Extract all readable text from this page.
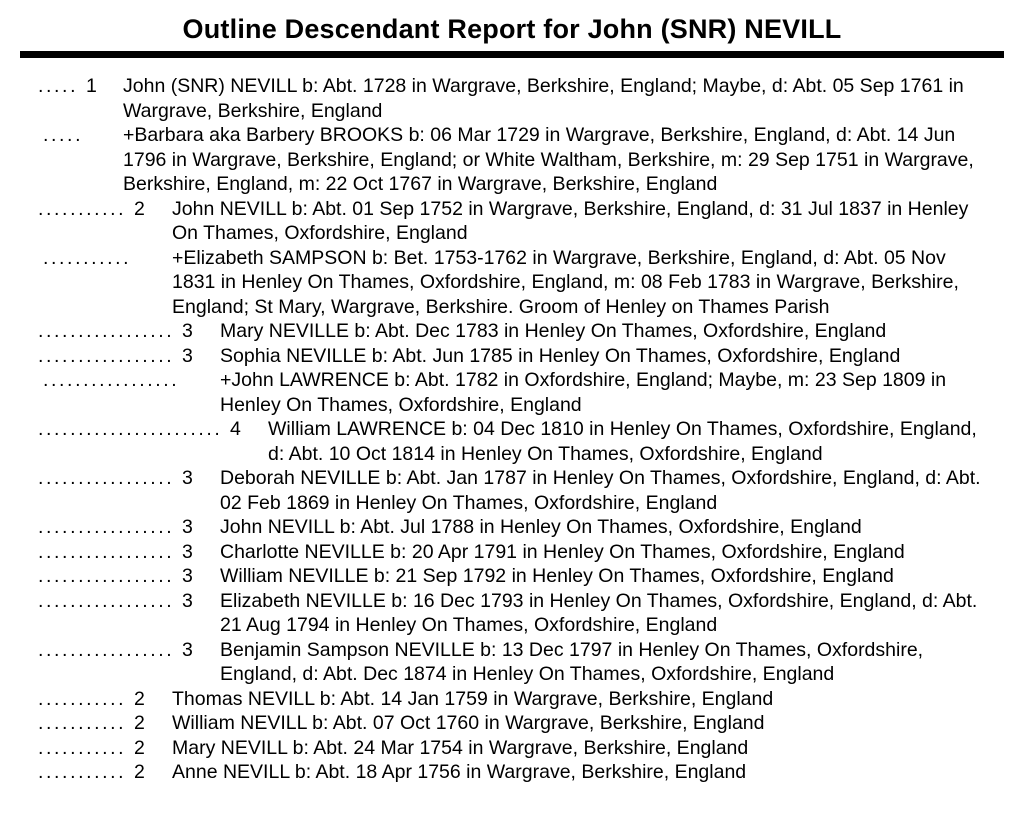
Outline Descendant Report for John (SNR) NEVILL
..... 1 John (SNR) NEVILL b: Abt. 1728 in Wargrave, Berkshire, England; Maybe, d: Abt. 05 Sep 1761 in Wargrave, Berkshire, England
..... +Barbara aka Barbery BROOKS b: 06 Mar 1729 in Wargrave, Berkshire, England, d: Abt. 14 Jun 1796 in Wargrave, Berkshire, England; or White Waltham, Berkshire, m: 29 Sep 1751 in Wargrave, Berkshire, England, m: 22 Oct 1767 in Wargrave, Berkshire, England
........... 2 John NEVILL b: Abt. 01 Sep 1752 in Wargrave, Berkshire, England, d: 31 Jul 1837 in Henley On Thames, Oxfordshire, England
........... +Elizabeth SAMPSON b: Bet. 1753-1762 in Wargrave, Berkshire, England, d: Abt. 05 Nov 1831 in Henley On Thames, Oxfordshire, England, m: 08 Feb 1783 in Wargrave, Berkshire, England; St Mary, Wargrave, Berkshire. Groom of Henley on Thames Parish
................. 3 Mary NEVILLE b: Abt. Dec 1783 in Henley On Thames, Oxfordshire, England
................. 3 Sophia NEVILLE b: Abt. Jun 1785 in Henley On Thames, Oxfordshire, England
................. +John LAWRENCE b: Abt. 1782 in Oxfordshire, England; Maybe, m: 23 Sep 1809 in Henley On Thames, Oxfordshire, England
....................... 4 William LAWRENCE b: 04 Dec 1810 in Henley On Thames, Oxfordshire, England, d: Abt. 10 Oct 1814 in Henley On Thames, Oxfordshire, England
................. 3 Deborah NEVILLE b: Abt. Jan 1787 in Henley On Thames, Oxfordshire, England, d: Abt. 02 Feb 1869 in Henley On Thames, Oxfordshire, England
................. 3 John NEVILL b: Abt. Jul 1788 in Henley On Thames, Oxfordshire, England
................. 3 Charlotte NEVILLE b: 20 Apr 1791 in Henley On Thames, Oxfordshire, England
................. 3 William NEVILLE b: 21 Sep 1792 in Henley On Thames, Oxfordshire, England
................. 3 Elizabeth NEVILLE b: 16 Dec 1793 in Henley On Thames, Oxfordshire, England, d: Abt. 21 Aug 1794 in Henley On Thames, Oxfordshire, England
................. 3 Benjamin Sampson NEVILLE b: 13 Dec 1797 in Henley On Thames, Oxfordshire, England, d: Abt. Dec 1874 in Henley On Thames, Oxfordshire, England
........... 2 Thomas NEVILL b: Abt. 14 Jan 1759 in Wargrave, Berkshire, England
........... 2 William NEVILL b: Abt. 07 Oct 1760 in Wargrave, Berkshire, England
........... 2 Mary NEVILL b: Abt. 24 Mar 1754 in Wargrave, Berkshire, England
........... 2 Anne NEVILL b: Abt. 18 Apr 1756 in Wargrave, Berkshire, England
